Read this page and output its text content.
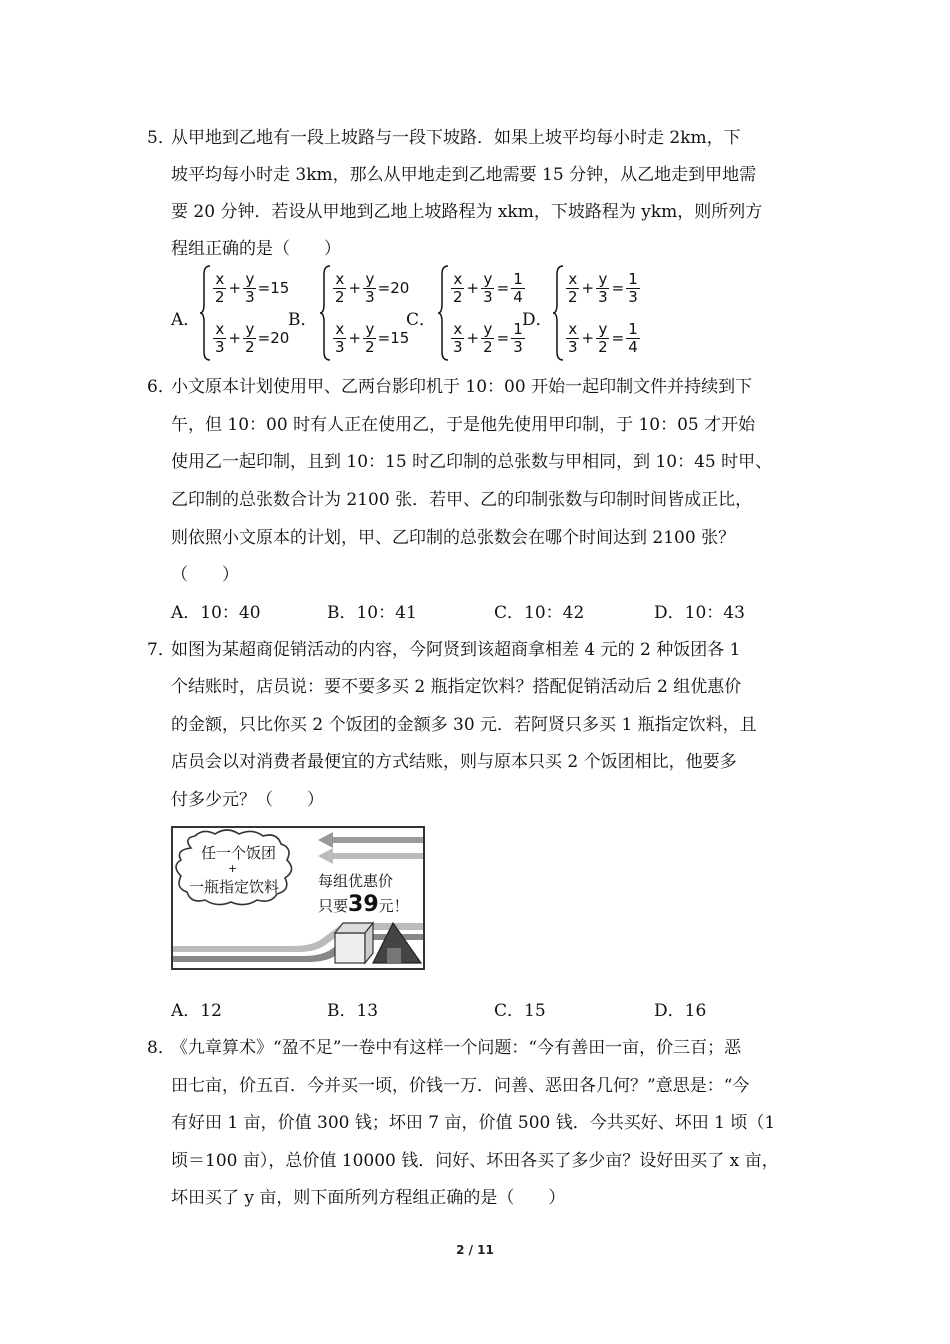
5．
从甲地到乙地有一段上坡路与一段下坡路．如果上坡平均每小时走 2km，下
坡平均每小时走 3km，那么从甲地走到乙地需要 15 分钟，从乙地走到甲地需
要 20 分钟．若设从甲地到乙地上坡路程为 xkm，下坡路程为 ykm，则所列方
程组正确的是（　　）
A．
$\frac{x}{2} + \frac{y}{3} =15$
$\frac{x}{3} + \frac{y}{2} =20$
B．
$\frac{x}{2} + \frac{y}{3} =20$
$\frac{x}{3} + \frac{y}{2} =15$
C．
$\frac{x}{2} + \frac{y}{3} = \frac{1}{4}$
$\frac{x}{3} + \frac{y}{2} = \frac{1}{3}$
D．
$\frac{x}{2} + \frac{y}{3} = \frac{1}{3}$
$\frac{x}{3} + \frac{y}{2} = \frac{1}{4}$
6．
小文原本计划使用甲、乙两台影印机于 10：00 开始一起印制文件并持续到下
午，但 10：00 时有人正在使用乙，于是他先使用甲印制，于 10：05 才开始
使用乙一起印制，且到 10：15 时乙印制的总张数与甲相同，到 10：45 时甲、
乙印制的总张数合计为 2100 张．若甲、乙的印制张数与印制时间皆成正比，
则依照小文原本的计划，甲、乙印制的总张数会在哪个时间达到 2100 张？
（　　）
A．10：40	B．10：41	C．10：42	D．10：43
7．
如图为某超商促销活动的内容，今阿贤到该超商拿相差 4 元的 2 种饭团各 1
个结账时，店员说：要不要多买 2 瓶指定饮料？搭配促销活动后 2 组优惠价
的金额，只比你买 2 个饭团的金额多 30 元．若阿贤只多买 1 瓶指定饮料，且
店员会以对消费者最便宜的方式结账，则与原本只买 2 个饭团相比，他要多
付多少元？（　　）
任一个饭团
+
一瓶指定饮料	每组优惠价
只要39元！
A．12	B．13	C．15	D．16
8．
《九章算术》“盈不足”一卷中有这样一个问题：“今有善田一亩，价三百；恶
田七亩，价五百．今并买一顷，价钱一万．问善、恶田各几何？”意思是：“今
有好田 1 亩，价值 300 钱；坏田 7 亩，价值 500 钱．今共买好、坏田 1 顷（1
顷＝100 亩），总价值 10000 钱．问好、坏田各买了多少亩？设好田买了 x 亩，
坏田买了 y 亩，则下面所列方程组正确的是（　　）
2 / 11
